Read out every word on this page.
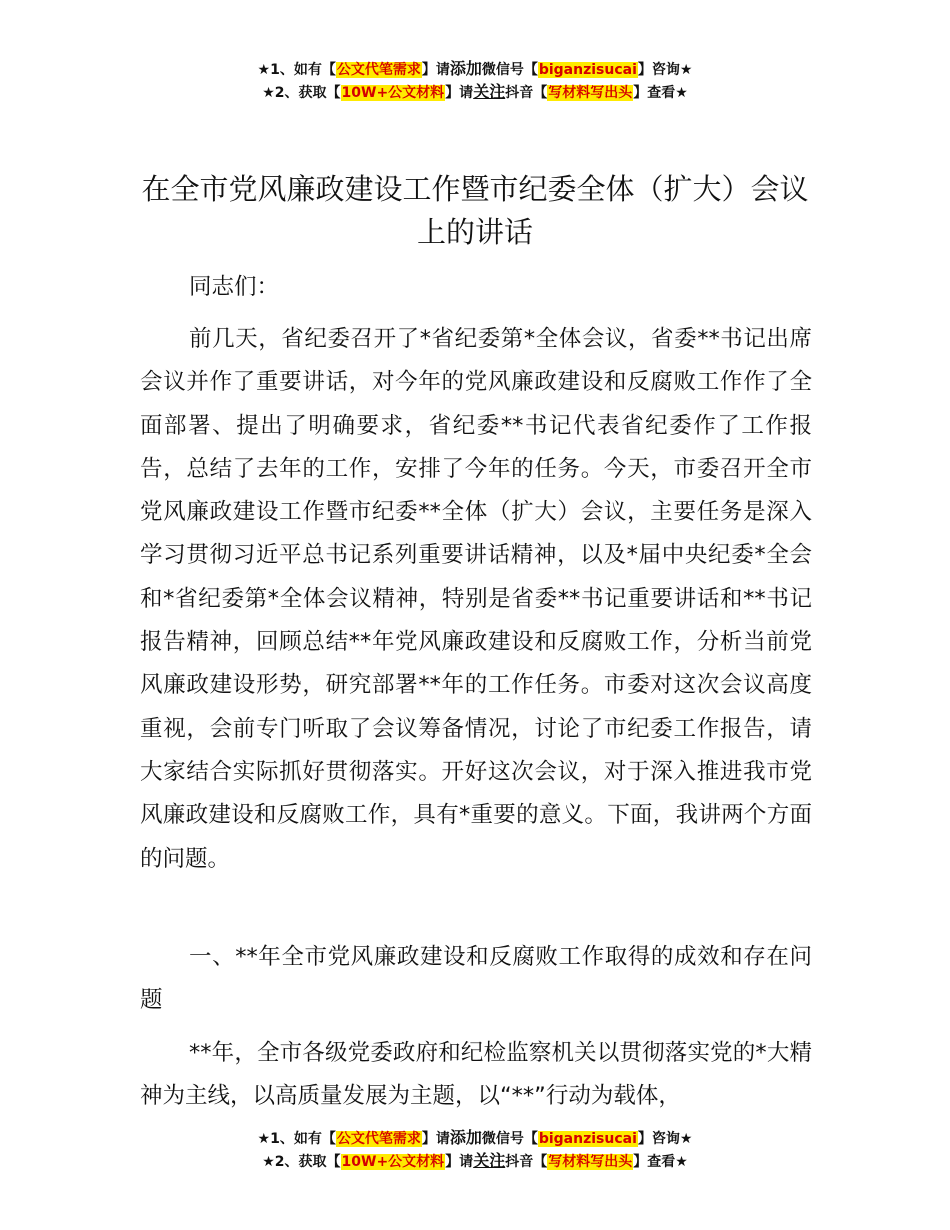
★1、如有【公文代笔需求】请添加微信号【biganzisucai】咨询★
★2、获取【10W+公文材料】请关注抖音【写材料写出头】查看★
在全市党风廉政建设工作暨市纪委全体（扩大）会议上的讲话

同志们：

前几天，省纪委召开了*省纪委第*全体会议，省委**书记出席会议并作了重要讲话，对今年的党风廉政建设和反腐败工作作了全面部署、提出了明确要求，省纪委**书记代表省纪委作了工作报告，总结了去年的工作，安排了今年的任务。今天，市委召开全市党风廉政建设工作暨市纪委**全体（扩大）会议，主要任务是深入学习贯彻习近平总书记系列重要讲话精神，以及*届中央纪委*全会和*省纪委第*全体会议精神，特别是省委**书记重要讲话和**书记报告精神，回顾总结**年党风廉政建设和反腐败工作，分析当前党风廉政建设形势，研究部署**年的工作任务。市委对这次会议高度重视，会前专门听取了会议筹备情况，讨论了市纪委工作报告，请大家结合实际抓好贯彻落实。开好这次会议，对于深入推进我市党风廉政建设和反腐败工作，具有*重要的意义。下面，我讲两个方面的问题。

一、**年全市党风廉政建设和反腐败工作取得的成效和存在问题

**年，全市各级党委政府和纪检监察机关以贯彻落实党的*大精神为主线，以高质量发展为主题，以“**”行动为载体，

★1、如有【公文代笔需求】请添加微信号【biganzisucai】咨询★
★2、获取【10W+公文材料】请关注抖音【写材料写出头】查看★
